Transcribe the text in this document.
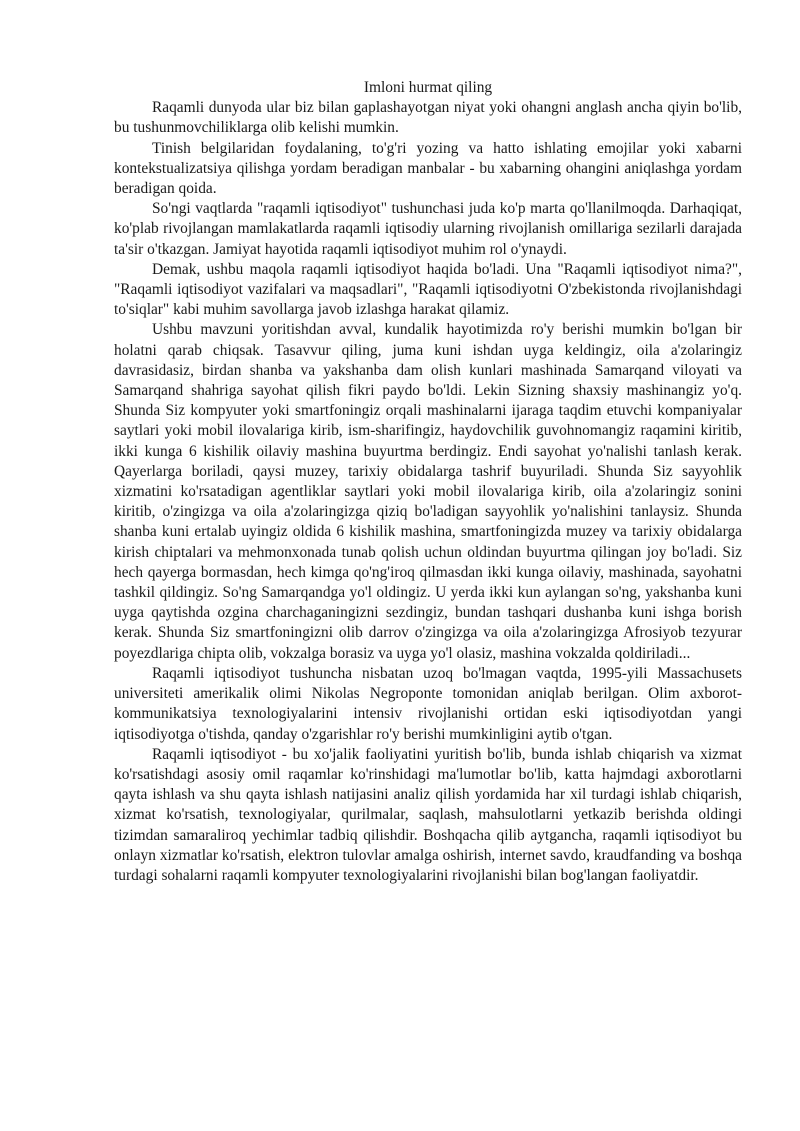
Imloni hurmat qiling

Raqamli dunyoda ular biz bilan gaplashayotgan niyat yoki ohangni anglash ancha qiyin bo'lib, bu tushunmovchiliklarga olib kelishi mumkin.

Tinish belgilaridan foydalaning, to'g'ri yozing va hatto ishlating emojilar yoki xabarni kontekstualizatsiya qilishga yordam beradigan manbalar - bu xabarning ohangini aniqlashga yordam beradigan qoida.

So'ngi vaqtlarda "raqamli iqtisodiyot" tushunchasi juda ko'p marta qo'llanilmoqda. Darhaqiqat, ko'plab rivojlangan mamlakatlarda raqamli iqtisodiy ularning rivojlanish omillariga sezilarli darajada ta'sir o'tkazgan. Jamiyat hayotida raqamli iqtisodiyot muhim rol o'ynaydi.

Demak, ushbu maqola raqamli iqtisodiyot haqida bo'ladi. Una "Raqamli iqtisodiyot nima?", "Raqamli iqtisodiyot vazifalari va maqsadlari", "Raqamli iqtisodiyotni O'zbekistonda rivojlanishdagi to'siqlar" kabi muhim savollarga javob izlashga harakat qilamiz.

Ushbu mavzuni yoritishdan avval, kundalik hayotimizda ro'y berishi mumkin bo'lgan bir holatni qarab chiqsak. Tasavvur qiling, juma kuni ishdan uyga keldingiz, oila a'zolaringiz davrasidasiz, birdan shanba va yakshanba dam olish kunlari mashinada Samarqand viloyati va Samarqand shahriga sayohat qilish fikri paydo bo'ldi. Lekin Sizning shaxsiy mashinangiz yo'q. Shunda Siz kompyuter yoki smartfoningiz orqali mashinalarni ijaraga taqdim etuvchi kompaniyalar saytlari yoki mobil ilovalariga kirib, ism-sharifingiz, haydovchilik guvohnomangiz raqamini kiritib, ikki kunga 6 kishilik oilaviy mashina buyurtma berdingiz. Endi sayohat yo'nalishi tanlash kerak. Qayerlarga boriladi, qaysi muzey, tarixiy obidalarga tashrif buyuriladi. Shunda Siz sayyohlik xizmatini ko'rsatadigan agentliklar saytlari yoki mobil ilovalariga kirib, oila a'zolaringiz sonini kiritib, o'zingizga va oila a'zolaringizga qiziq bo'ladigan sayyohlik yo'nalishini tanlaysiz. Shunda shanba kuni ertalab uyingiz oldida 6 kishilik mashina, smartfoningizda muzey va tarixiy obidalarga kirish chiptalari va mehmonxonada tunab qolish uchun oldindan buyurtma qilingan joy bo'ladi. Siz hech qayerga bormasdan, hech kimga qo'ng'iroq qilmasdan ikki kunga oilaviy, mashinada, sayohatni tashkil qildingiz. So'ng Samarqandga yo'l oldingiz. U yerda ikki kun aylangan so'ng, yakshanba kuni uyga qaytishda ozgina charchaganingizni sezdingiz, bundan tashqari dushanba kuni ishga borish kerak. Shunda Siz smartfoningizni olib darrov o'zingizga va oila a'zolaringizga Afrosiyob tezyurar poyezdlariga chipta olib, vokzalga borasiz va uyga yo'l olasiz, mashina vokzalda qoldiriladi...

Raqamli iqtisodiyot tushuncha nisbatan uzoq bo'lmagan vaqtda, 1995-yili Massachusets universiteti amerikalik olimi Nikolas Negroponte tomonidan aniqlab berilgan. Olim axborot-kommunikatsiya texnologiyalarini intensiv rivojlanishi ortidan eski iqtisodiyotdan yangi iqtisodiyotga o'tishda, qanday o'zgarishlar ro'y berishi mumkinligini aytib o'tgan.

Raqamli iqtisodiyot - bu xo'jalik faoliyatini yuritish bo'lib, bunda ishlab chiqarish va xizmat ko'rsatishdagi asosiy omil raqamlar ko'rinshidagi ma'lumotlar bo'lib, katta hajmdagi axborotlarni qayta ishlash va shu qayta ishlash natijasini analiz qilish yordamida har xil turdagi ishlab chiqarish, xizmat ko'rsatish, texnologiyalar, qurilmalar, saqlash, mahsulotlarni yetkazib berishda oldingi tizimdan samaraliroq yechimlar tadbiq qilishdir. Boshqacha qilib aytgancha, raqamli iqtisodiyot bu onlayn xizmatlar ko'rsatish, elektron tulovlar amalga oshirish, internet savdo, kraudfanding va boshqa turdagi sohalarni raqamli kompyuter texnologiyalarini rivojlanishi bilan bog'langan faoliyatdir.
